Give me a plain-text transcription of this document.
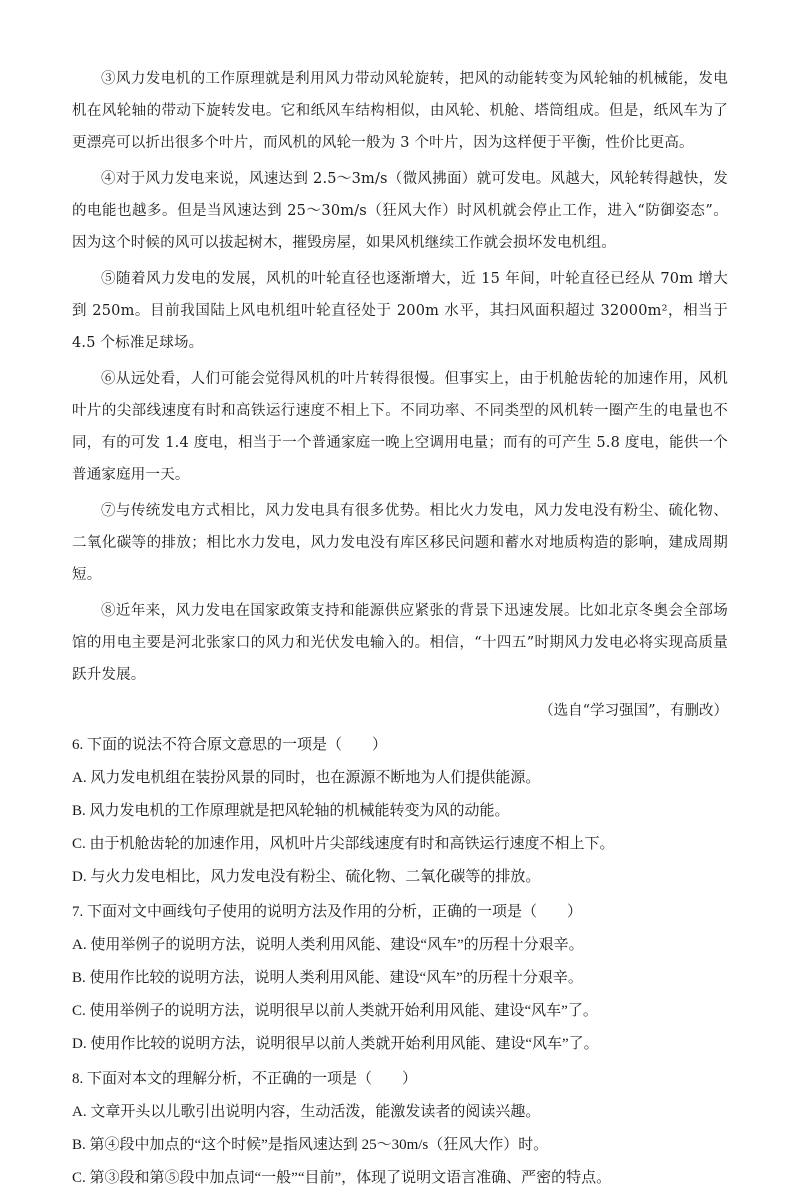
③风力发电机的工作原理就是利用风力带动风轮旋转，把风的动能转变为风轮轴的机械能，发电机在风轮轴的带动下旋转发电。它和纸风车结构相似，由风轮、机舱、塔筒组成。但是，纸风车为了更漂亮可以折出很多个叶片，而风机的风轮一般为 3 个叶片，因为这样便于平衡，性价比更高。

④对于风力发电来说，风速达到 2.5～3m/s（微风拂面）就可发电。风越大，风轮转得越快，发的电能也越多。但是当风速达到 25～30m/s（狂风大作）时风机就会停止工作，进入“防御姿态”。因为这个时候的风可以拔起树木，摧毁房屋，如果风机继续工作就会损坏发电机组。

⑤随着风力发电的发展，风机的叶轮直径也逐渐增大，近 15 年间，叶轮直径已经从 70m 增大到 250m。目前我国陆上风电机组叶轮直径处于 200m 水平，其扫风面积超过 32000m²，相当于 4.5 个标准足球场。

⑥从远处看，人们可能会觉得风机的叶片转得很慢。但事实上，由于机舱齿轮的加速作用，风机叶片的尖部线速度有时和高铁运行速度不相上下。不同功率、不同类型的风机转一圈产生的电量也不同，有的可发 1.4 度电，相当于一个普通家庭一晚上空调用电量；而有的可产生 5.8 度电，能供一个普通家庭用一天。

⑦与传统发电方式相比，风力发电具有很多优势。相比火力发电，风力发电没有粉尘、硫化物、二氧化碳等的排放；相比水力发电，风力发电没有库区移民问题和蓄水对地质构造的影响，建成周期短。

⑧近年来，风力发电在国家政策支持和能源供应紧张的背景下迅速发展。比如北京冬奥会全部场馆的用电主要是河北张家口的风力和光伏发电输入的。相信，“十四五”时期风力发电必将实现高质量跃升发展。

（选自“学习强国”，有删改）

6. 下面的说法不符合原文意思的一项是（　　）

A. 风力发电机组在装扮风景的同时，也在源源不断地为人们提供能源。

B. 风力发电机的工作原理就是把风轮轴的机械能转变为风的动能。

C. 由于机舱齿轮的加速作用，风机叶片尖部线速度有时和高铁运行速度不相上下。

D. 与火力发电相比，风力发电没有粉尘、硫化物、二氧化碳等的排放。

7. 下面对文中画线句子使用的说明方法及作用的分析，正确的一项是（　　）

A. 使用举例子的说明方法，说明人类利用风能、建设“风车”的历程十分艰辛。

B. 使用作比较的说明方法，说明人类利用风能、建设“风车”的历程十分艰辛。

C. 使用举例子的说明方法，说明很早以前人类就开始利用风能、建设“风车”了。

D. 使用作比较的说明方法，说明很早以前人类就开始利用风能、建设“风车”了。

8. 下面对本文的理解分析，不正确的一项是（　　）

A. 文章开头以儿歌引出说明内容，生动活泼，能激发读者的阅读兴趣。

B. 第④段中加点的“这个时候”是指风速达到 25～30m/s（狂风大作）时。

C. 第③段和第⑤段中加点词“一般”“目前”，体现了说明文语言准确、严密的特点。
